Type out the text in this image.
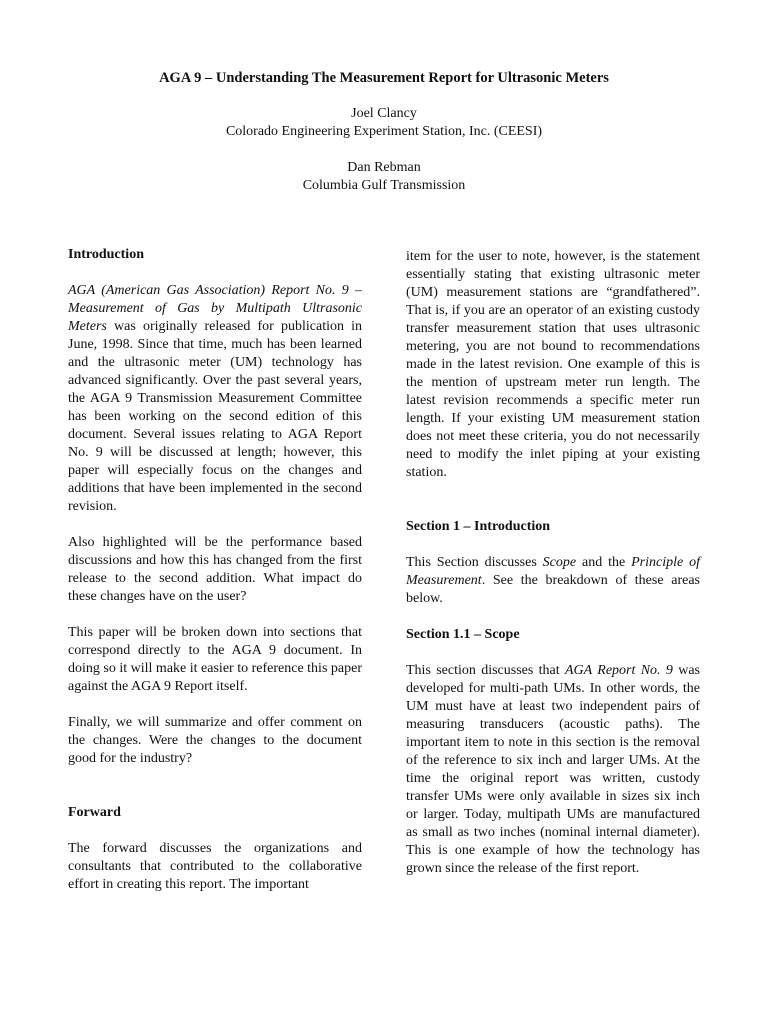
AGA 9 – Understanding The Measurement Report for Ultrasonic Meters
Joel Clancy
Colorado Engineering Experiment Station, Inc. (CEESI)
Dan Rebman
Columbia Gulf Transmission
Introduction

AGA (American Gas Association) Report No. 9 – Measurement of Gas by Multipath Ultrasonic Meters was originally released for publication in June, 1998. Since that time, much has been learned and the ultrasonic meter (UM) technology has advanced significantly. Over the past several years, the AGA 9 Transmission Measurement Committee has been working on the second edition of this document. Several issues relating to AGA Report No. 9 will be discussed at length; however, this paper will especially focus on the changes and additions that have been implemented in the second revision.

Also highlighted will be the performance based discussions and how this has changed from the first release to the second addition. What impact do these changes have on the user?

This paper will be broken down into sections that correspond directly to the AGA 9 document. In doing so it will make it easier to reference this paper against the AGA 9 Report itself.

Finally, we will summarize and offer comment on the changes. Were the changes to the document good for the industry?

Forward

The forward discusses the organizations and consultants that contributed to the collaborative effort in creating this report. The important

item for the user to note, however, is the statement essentially stating that existing ultrasonic meter (UM) measurement stations are “grandfathered”. That is, if you are an operator of an existing custody transfer measurement station that uses ultrasonic metering, you are not bound to recommendations made in the latest revision. One example of this is the mention of upstream meter run length. The latest revision recommends a specific meter run length. If your existing UM measurement station does not meet these criteria, you do not necessarily need to modify the inlet piping at your existing station.

Section 1 – Introduction

This Section discusses Scope and the Principle of Measurement. See the breakdown of these areas below.

Section 1.1 – Scope

This section discusses that AGA Report No. 9 was developed for multi-path UMs. In other words, the UM must have at least two independent pairs of measuring transducers (acoustic paths). The important item to note in this section is the removal of the reference to six inch and larger UMs. At the time the original report was written, custody transfer UMs were only available in sizes six inch or larger. Today, multipath UMs are manufactured as small as two inches (nominal internal diameter). This is one example of how the technology has grown since the release of the first report.
